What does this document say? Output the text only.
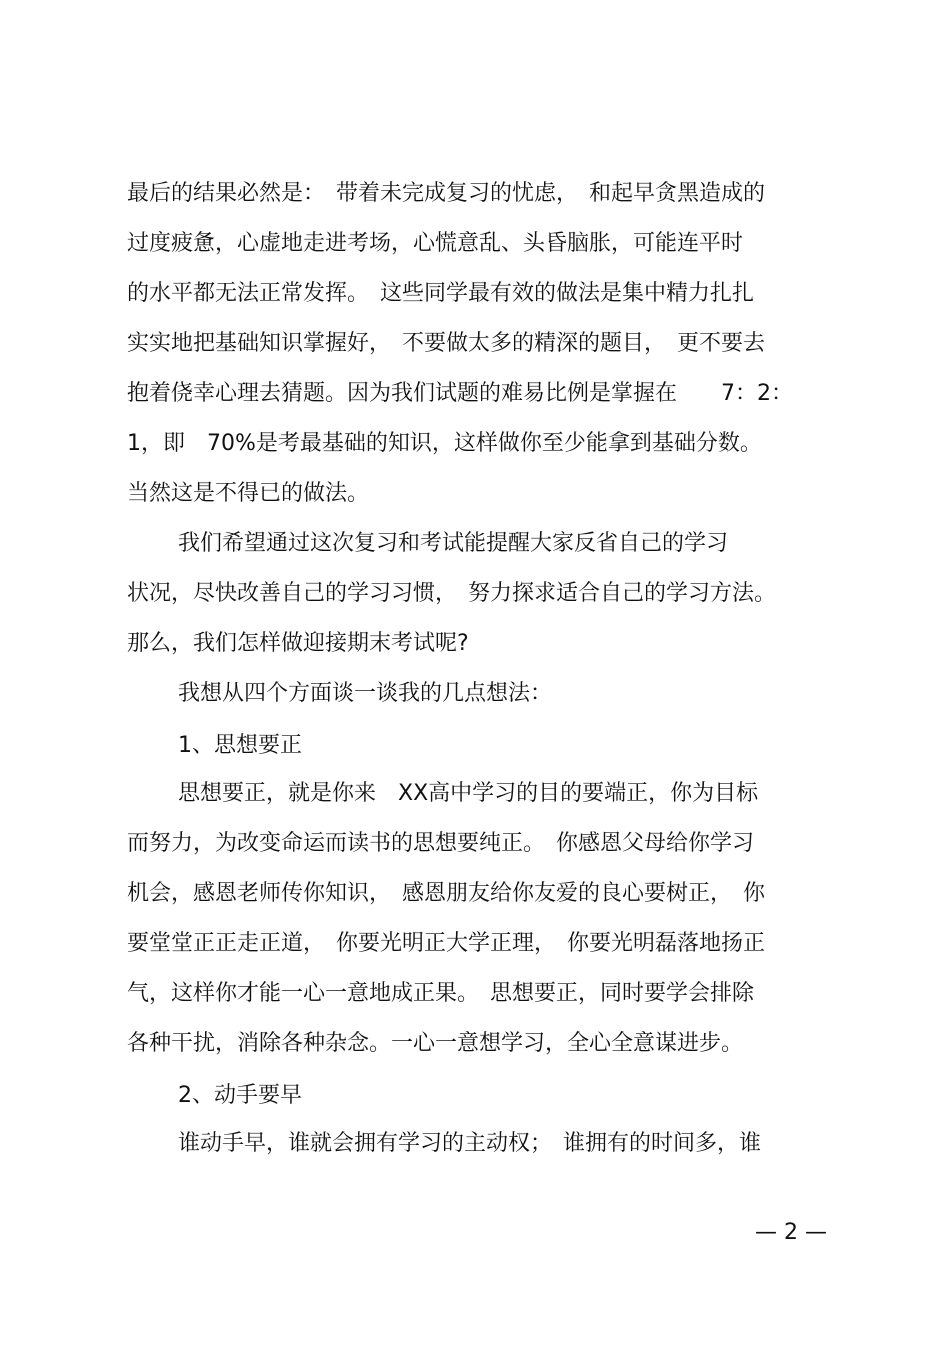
最后的结果必然是：　带着未完成复习的忧虑，　和起早贪黑造成的

过度疲惫，心虚地走进考场，心慌意乱、头昏脑胀，可能连平时

的水平都无法正常发挥。　这些同学最有效的做法是集中精力扎扎

实实地把基础知识掌握好，　不要做太多的精深的题目，　更不要去

抱着侥幸心理去猜题。因为我们试题的难易比例是掌握在　　7：2：

1，即　70%是考最基础的知识，这样做你至少能拿到基础分数。

当然这是不得已的做法。

我们希望通过这次复习和考试能提醒大家反省自己的学习

状况，尽快改善自己的学习习惯，　努力探求适合自己的学习方法。

那么，我们怎样做迎接期末考试呢?

我想从四个方面谈一谈我的几点想法：

1、思想要正

思想要正，就是你来　XX高中学习的目的要端正，你为目标

而努力，为改变命运而读书的思想要纯正。　你感恩父母给你学习

机会，感恩老师传你知识，　感恩朋友给你友爱的良心要树正，　你

要堂堂正正走正道，　你要光明正大学正理，　你要光明磊落地扬正

气，这样你才能一心一意地成正果。　思想要正，同时要学会排除

各种干扰，消除各种杂念。一心一意想学习，全心全意谋进步。

2、动手要早

谁动手早，谁就会拥有学习的主动权；　谁拥有的时间多，谁

— 2 —
